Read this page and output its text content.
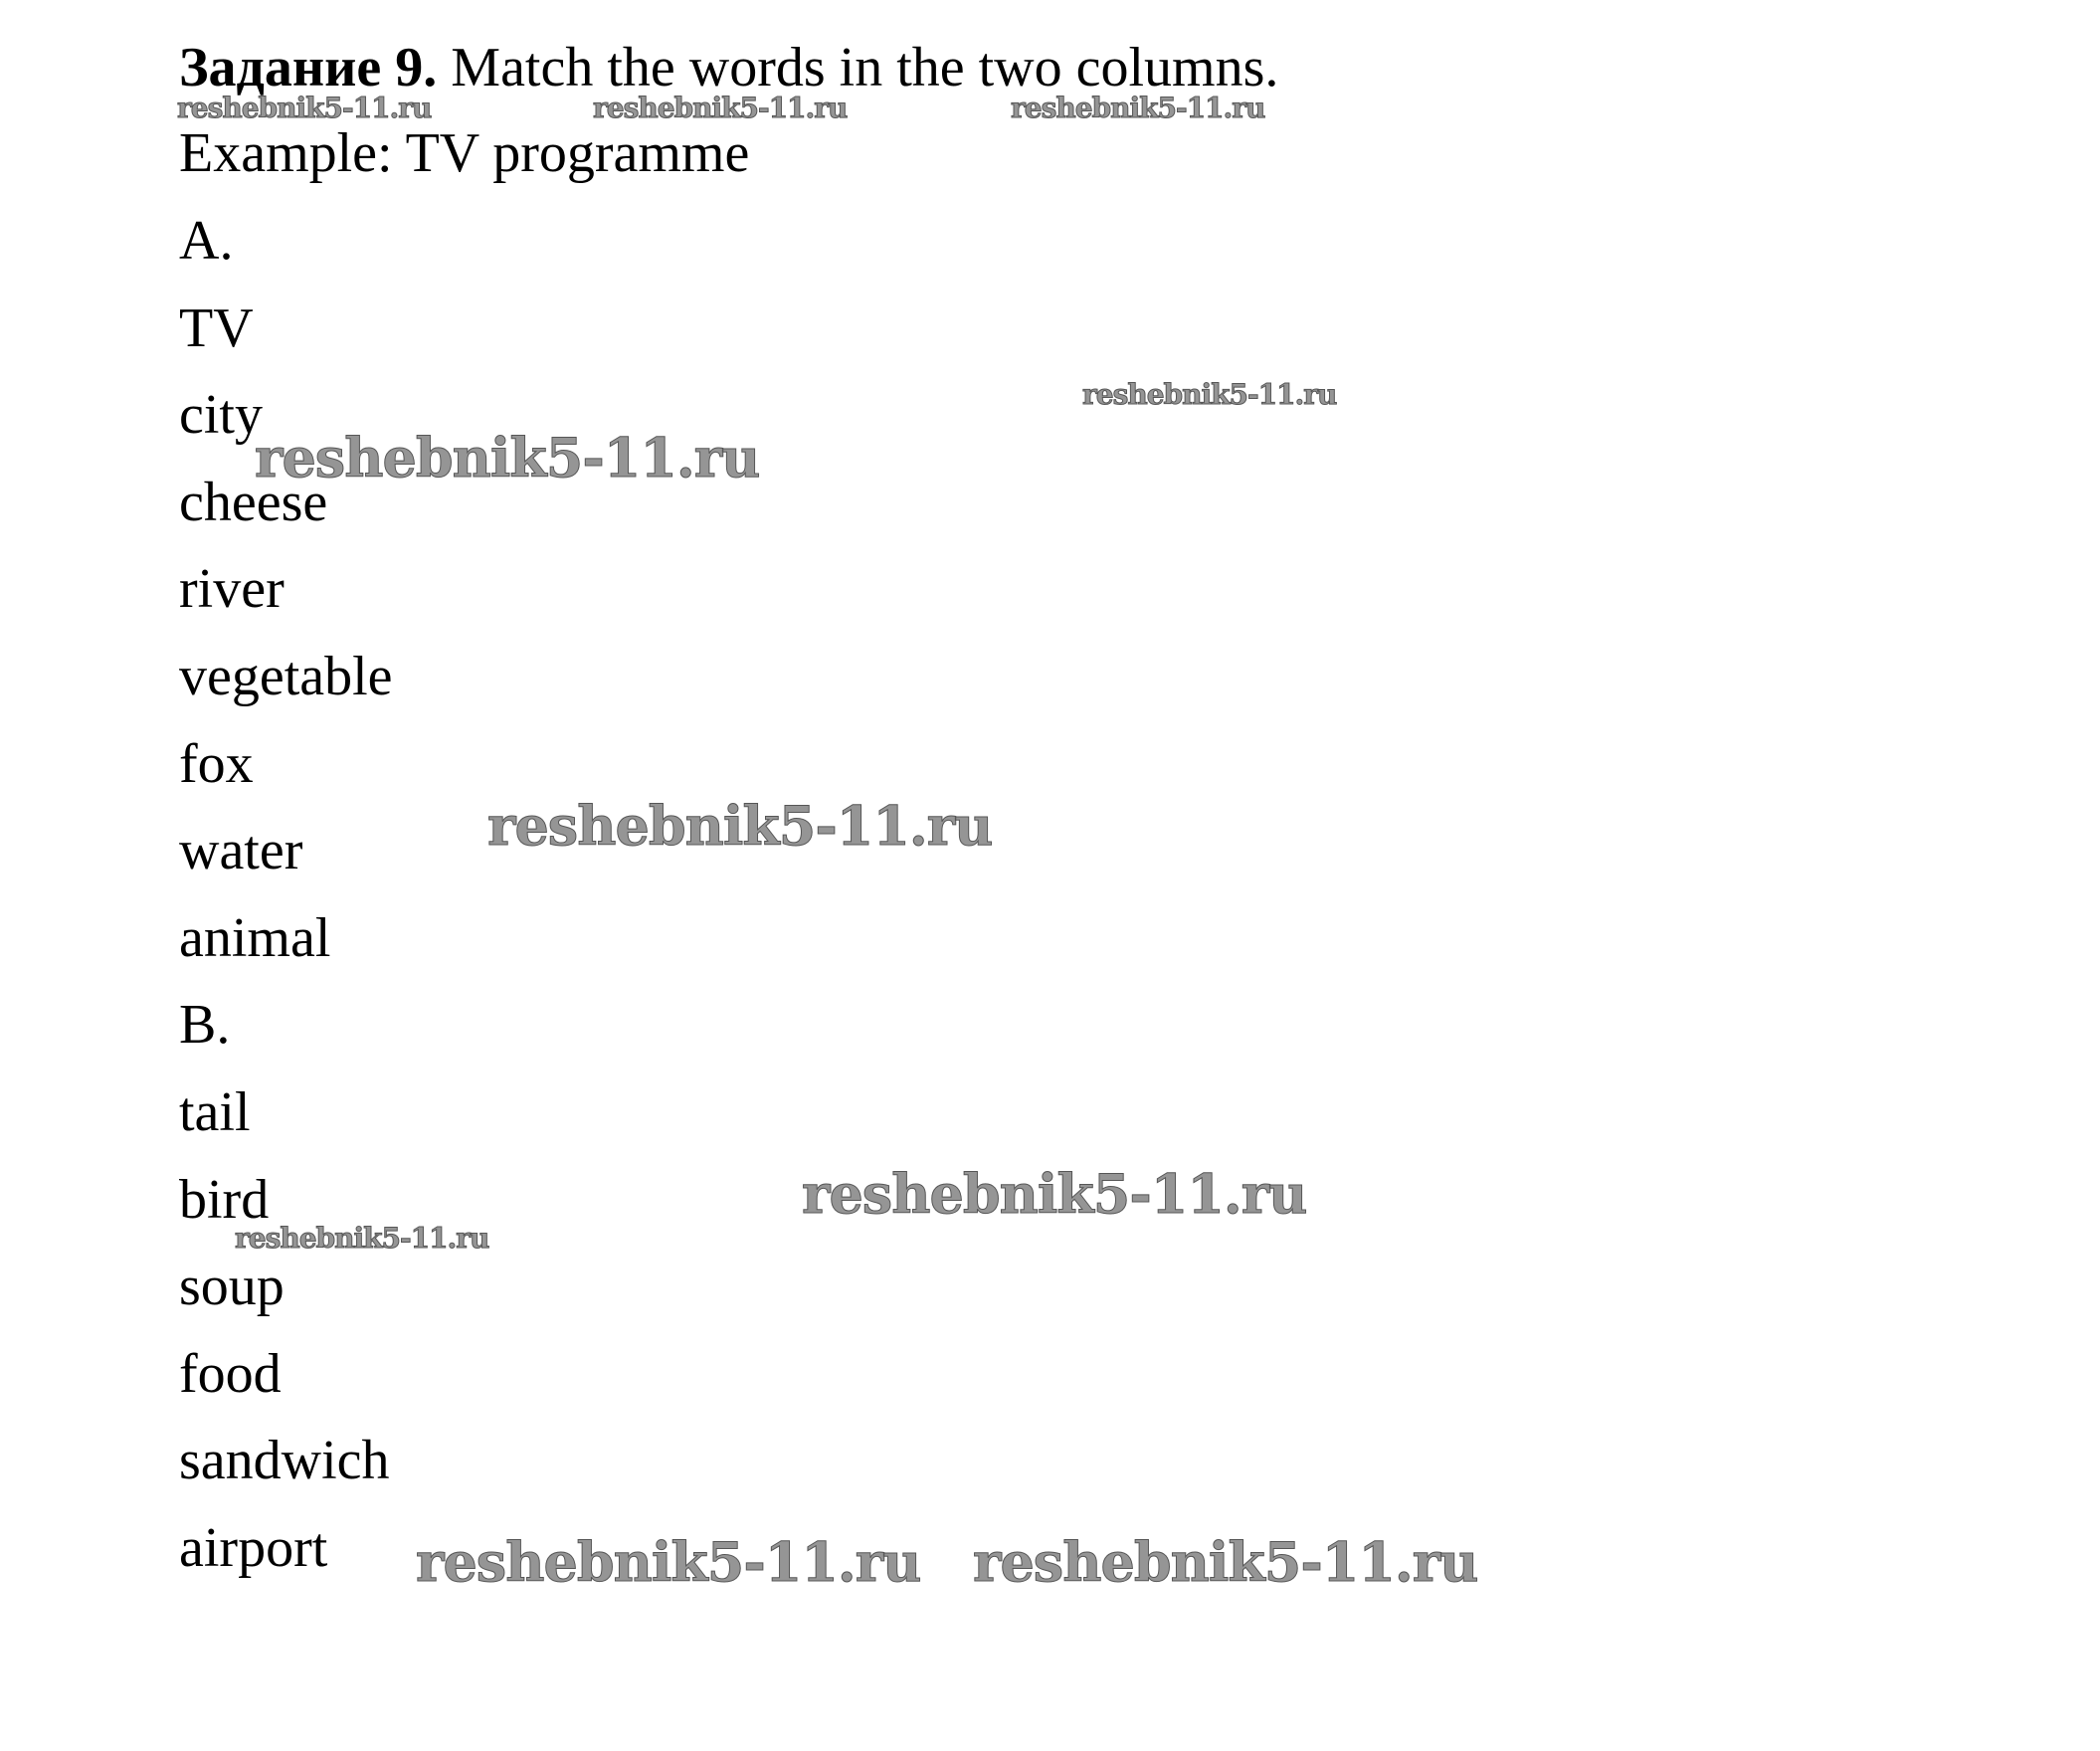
Задание 9. Match the words in the two columns.
Example: TV programme
A.
TV
city
cheese
river
vegetable
fox
water
animal
B.
tail
bird
soup
food
sandwich
airport
reshebnik5-11.ru	reshebnik5-11.ru	reshebnik5-11.ru
reshebnik5-11.ru
reshebnik5-11.ru
reshebnik5-11.ru
reshebnik5-11.ru
reshebnik5-11.ru
reshebnik5-11.ru reshebnik5-11.ru
